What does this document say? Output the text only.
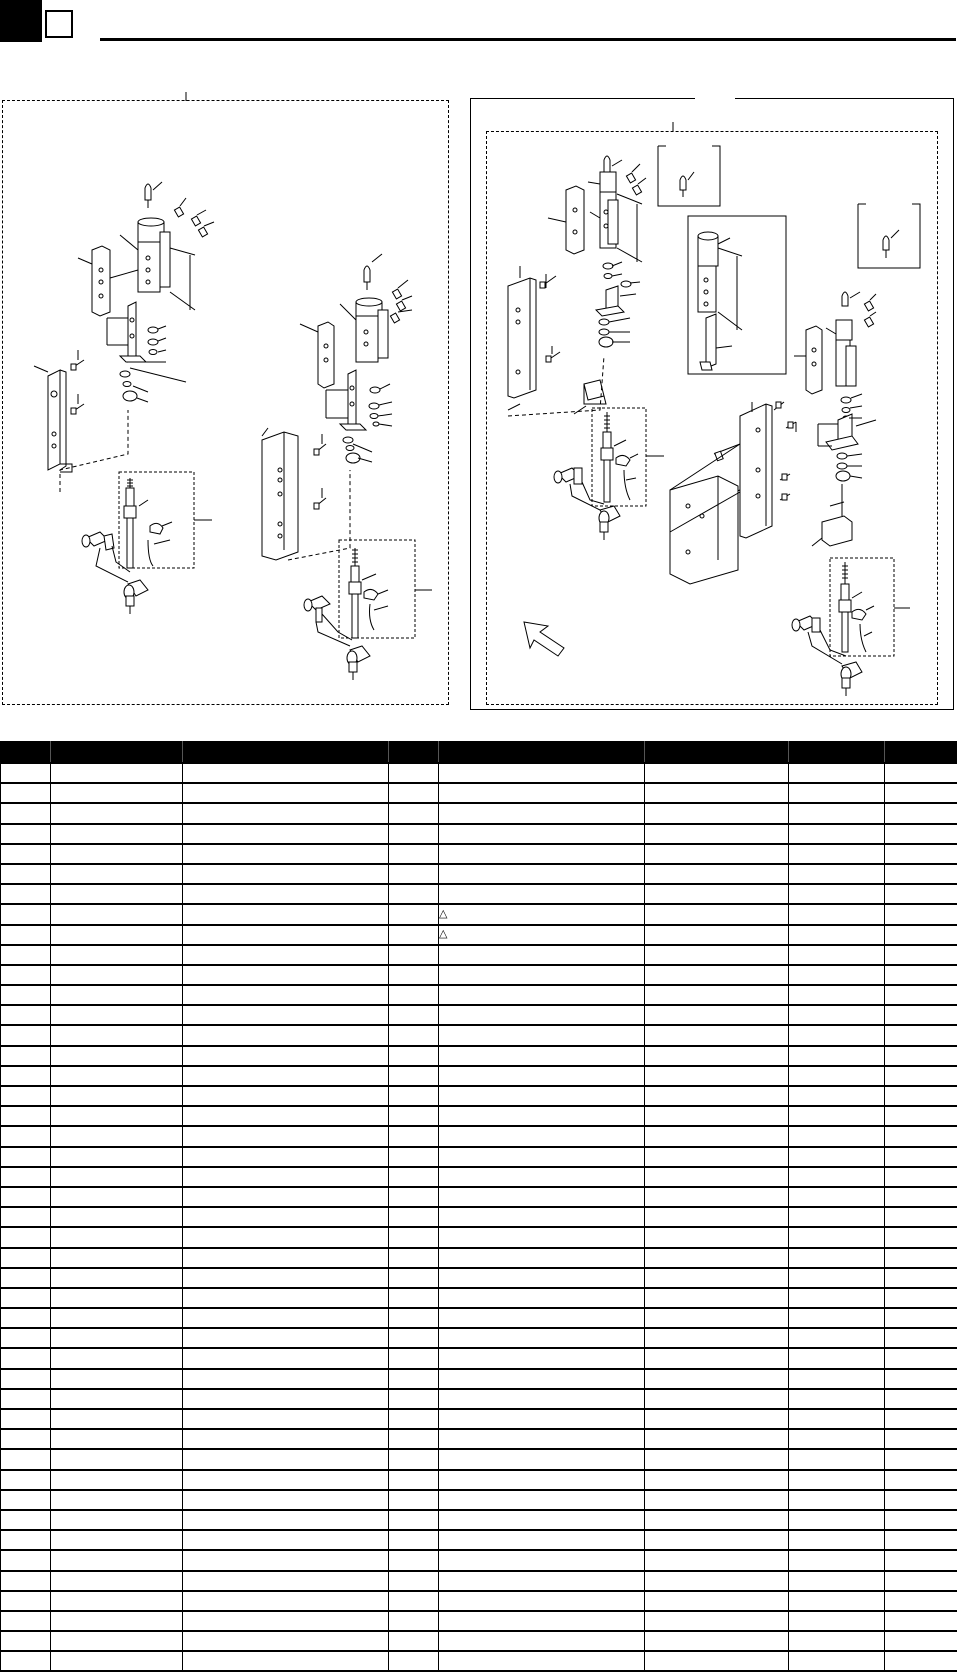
				△			
				△			
